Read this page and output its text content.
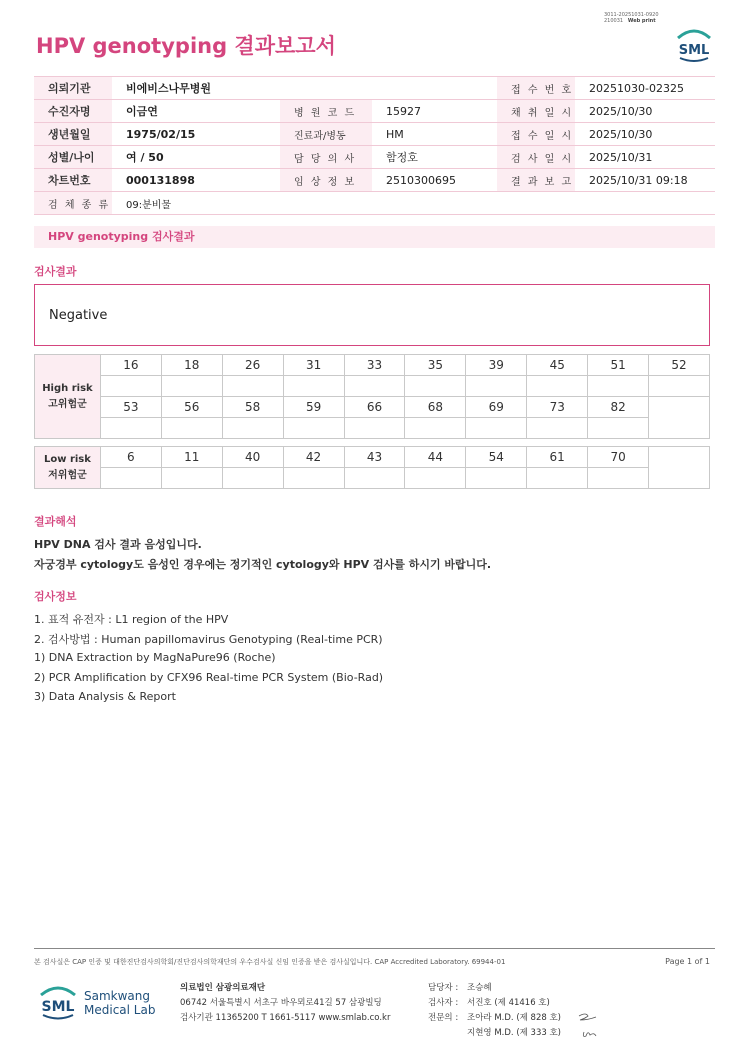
3011-20251031-0920
210031 Web print
HPV genotyping 결과보고서	SML
의뢰기관	비에비스나무병원			접 수 번 호	20251030-02325
수진자명	이금연	병 원 코 드	15927	채 취 일 시	2025/10/30
생년월일	1975/02/15	진료과/병동	HM	접 수 일 시	2025/10/30
성별/나이	여 / 50	담 당 의 사	함정호	검 사 일 시	2025/10/31
차트번호	000131898	임 상 정 보	2510300695	결 과 보 고	2025/10/31 09:18
검 체 종 류	09:분비물				
HPV genotyping 검사결과
검사결과
Negative
High risk
고위험군	16	18	26	31	33	35	39	45	51	52

	53	56	58	59	66	68	69	73	82	

Low risk
저위험군	6	11	40	42	43	44	54	61	70	

결과해석
HPV DNA 검사 결과 음성입니다.
자궁경부 cytology도 음성인 경우에는 정기적인 cytology와 HPV 검사를 하시기 바랍니다.
검사정보
1. 표적 유전자 : L1 region of the HPV
2. 검사방법 : Human papillomavirus Genotyping (Real-time PCR)
1) DNA Extraction by MagNaPure96 (Roche)
2) PCR Amplification by CFX96 Real-time PCR System (Bio-Rad)
3) Data Analysis & Report
본 검사실은 CAP 인증 및 대한진단검사의학회/진단검사의학재단의 우수검사실 신임 인증을 받은 검사실입니다. CAP Accredited Laboratory. 69944-01	Page 1 of 1
SML
Samkwang
Medical Lab
의료법인 삼광의료재단
06742 서울특별시 서초구 바우뫼로41길 57 삼광빌딩
검사기관 11365200 T 1661-5117 www.smlab.co.kr
담당자 : 조승혜
검사자 : 서진호 (제 41416 호)
전문의 : 조아라 M.D. (제 828 호)
지현영 M.D. (제 333 호)
